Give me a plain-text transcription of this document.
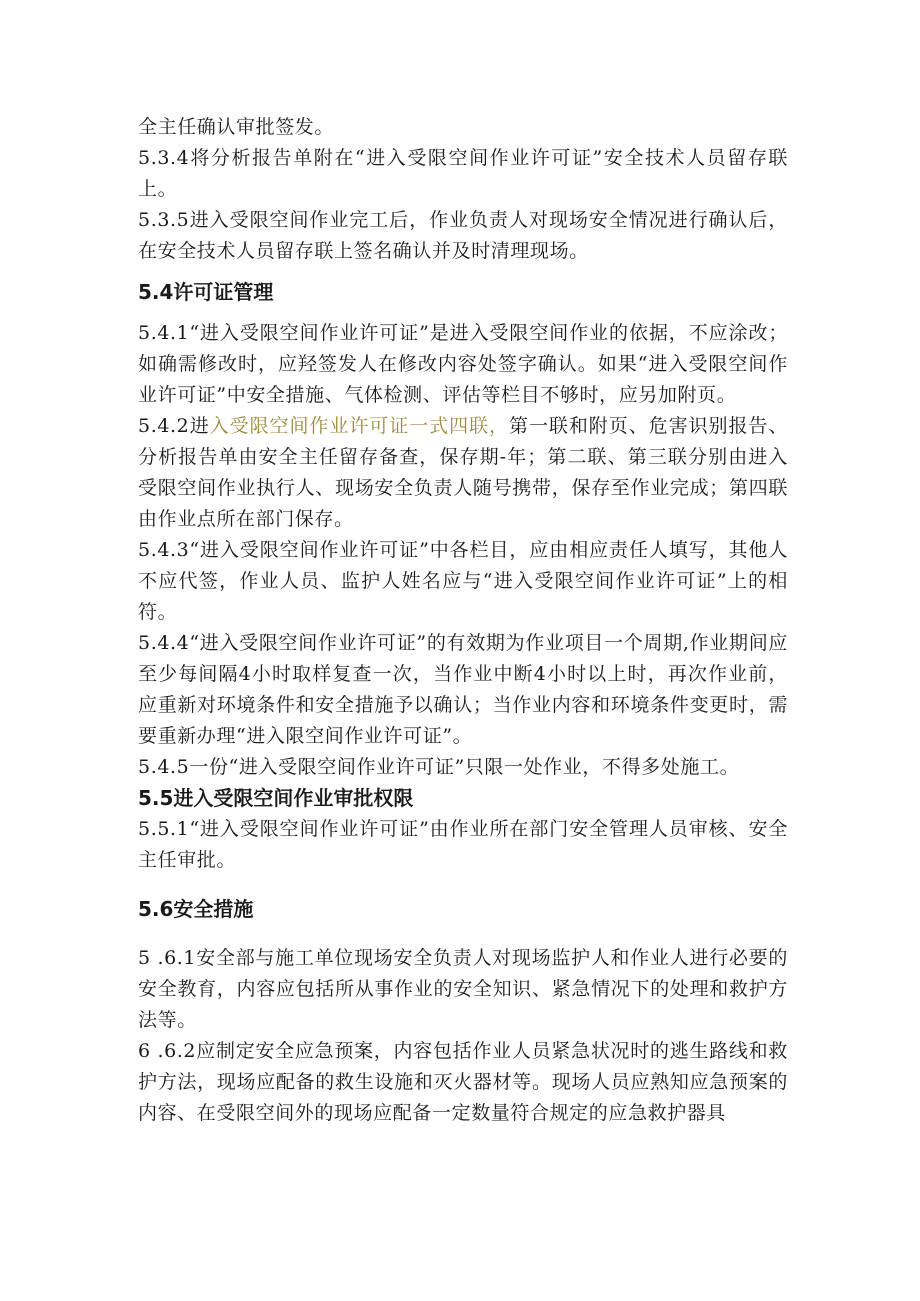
全主任确认审批签发。

5.3.4将分析报告单附在“进入受限空间作业许可证”安全技术人员留存联上。

5.3.5进入受限空间作业完工后，作业负责人对现场安全情况进行确认后，在安全技术人员留存联上签名确认并及时清理现场。

5.4许可证管理

5.4.1“进入受限空间作业许可证”是进入受限空间作业的依据，不应涂改；如确需修改时，应羟签发人在修改内容处签字确认。如果“进入受限空间作业许可证”中安全措施、气体检测、评估等栏目不够时，应另加附页。

5.4.2进入受限空间作业许可证一式四联，第一联和附页、危害识别报告、分析报告单由安全主任留存备查，保存期-年；第二联、第三联分别由进入受限空间作业执行人、现场安全负责人随号携带，保存至作业完成；第四联由作业点所在部门保存。

5.4.3“进入受限空间作业许可证”中各栏目，应由相应责任人填写，其他人不应代签，作业人员、监护人姓名应与“进入受限空间作业许可证”上的相符。

5.4.4“进入受限空间作业许可证”的有效期为作业项目一个周期,作业期间应至少每间隔4小时取样复查一次，当作业中断4小时以上时，再次作业前，应重新对环境条件和安全措施予以确认；当作业内容和环境条件变更时，需要重新办理“进入限空间作业许可证”。

5.4.5一份“进入受限空间作业许可证”只限一处作业，不得多处施工。

5.5进入受限空间作业审批权限

5.5.1“进入受限空间作业许可证”由作业所在部门安全管理人员审核、安全主任审批。

5.6安全措施

5 .6.1安全部与施工单位现场安全负责人对现场监护人和作业人进行必要的安全教育，内容应包括所从事作业的安全知识、紧急情况下的处理和救护方法等。

6 .6.2应制定安全应急预案，内容包括作业人员紧急状况时的逃生路线和救护方法，现场应配备的救生设施和灭火器材等。现场人员应熟知应急预案的内容、在受限空间外的现场应配备一定数量符合规定的应急救护器具
